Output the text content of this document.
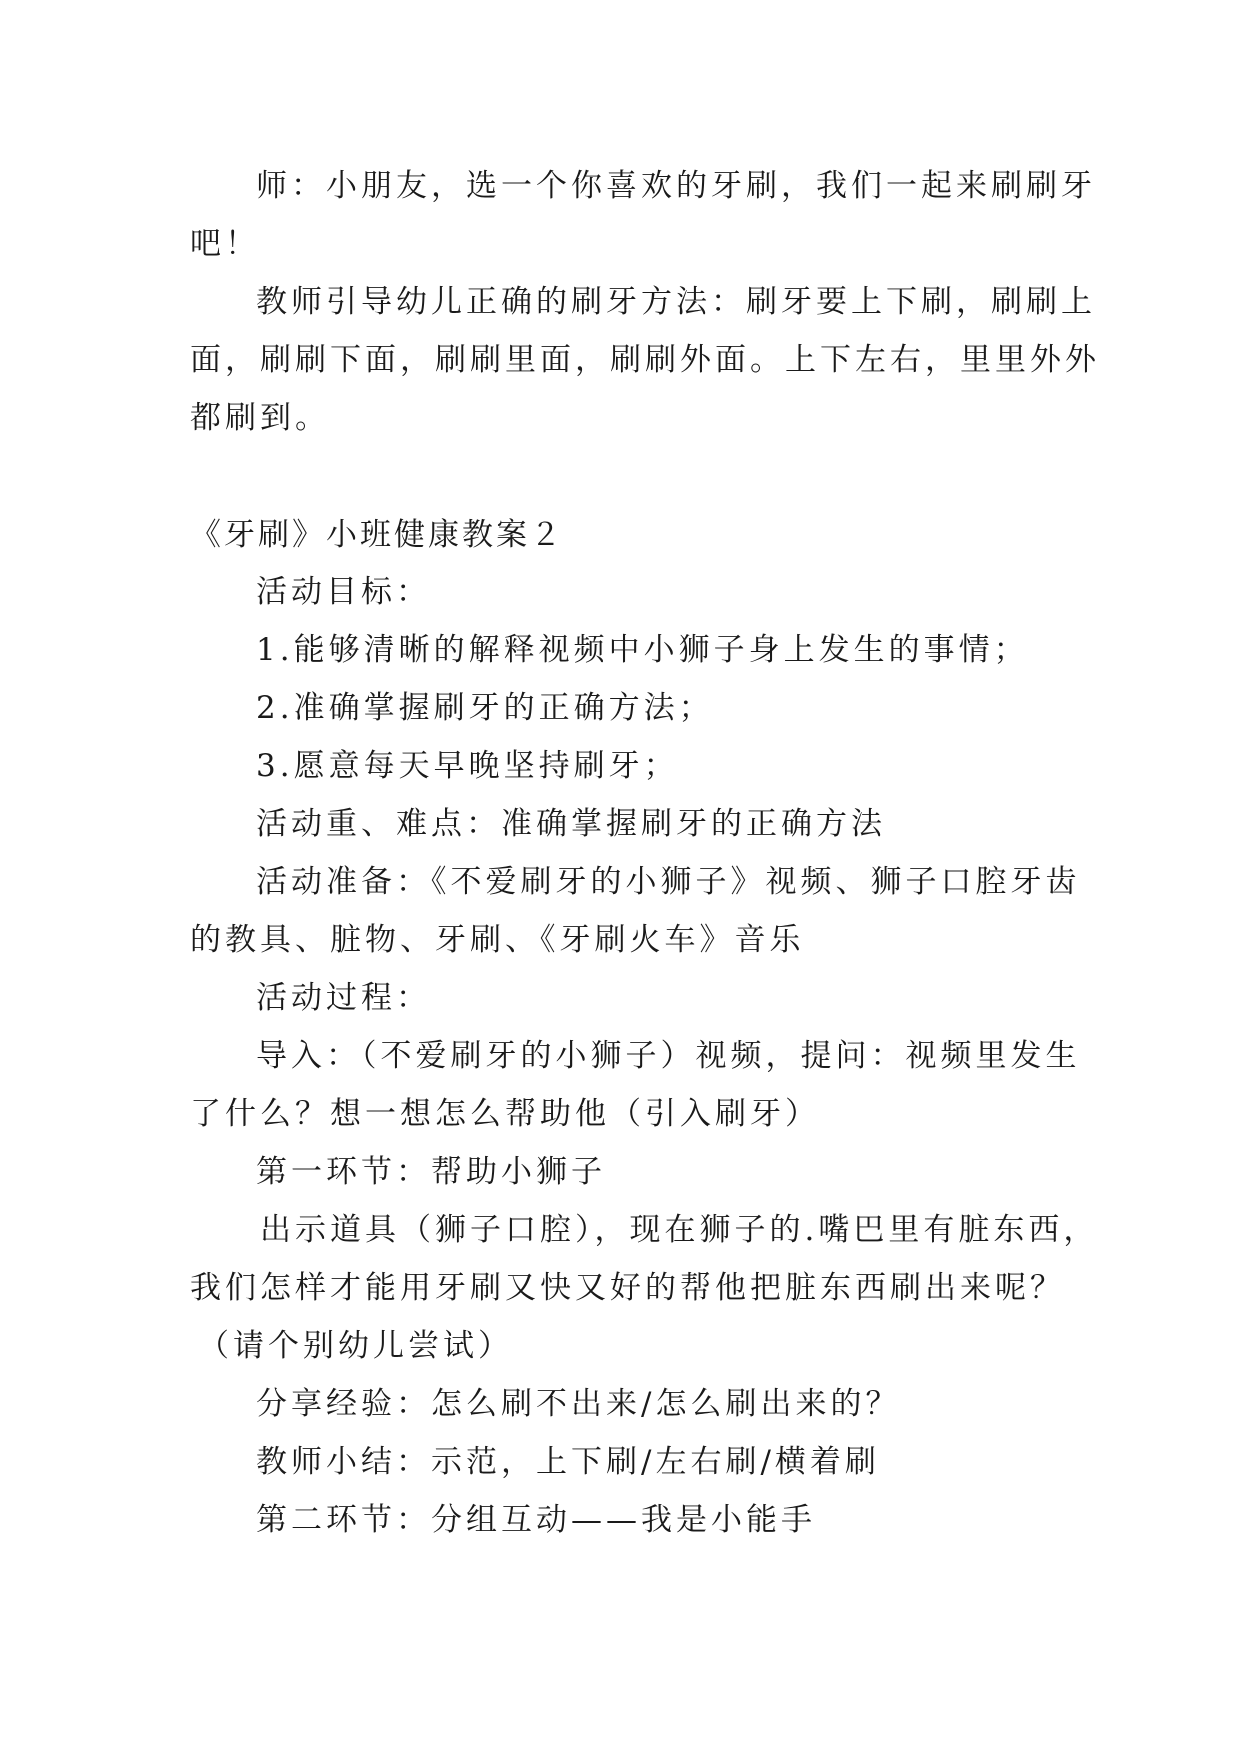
师：小朋友，选一个你喜欢的牙刷，我们一起来刷刷牙
吧！
教师引导幼儿正确的刷牙方法：刷牙要上下刷，刷刷上
面，刷刷下面，刷刷里面，刷刷外面。上下左右，里里外外
都刷到。
《牙刷》小班健康教案２
活动目标：
1.能够清晰的解释视频中小狮子身上发生的事情；
2.准确掌握刷牙的正确方法；
3.愿意每天早晚坚持刷牙；
活动重、难点：准确掌握刷牙的正确方法
活动准备：《不爱刷牙的小狮子》视频、狮子口腔牙齿
的教具、脏物、牙刷、《牙刷火车》音乐
活动过程：
导入：（不爱刷牙的小狮子）视频，提问：视频里发生
了什么？想一想怎么帮助他（引入刷牙）
第一环节：帮助小狮子
出示道具（狮子口腔），现在狮子的.嘴巴里有脏东西，
我们怎样才能用牙刷又快又好的帮他把脏东西刷出来呢？
（请个别幼儿尝试）
分享经验：怎么刷不出来/怎么刷出来的？
教师小结：示范，上下刷/左右刷/横着刷
第二环节：分组互动——我是小能手
